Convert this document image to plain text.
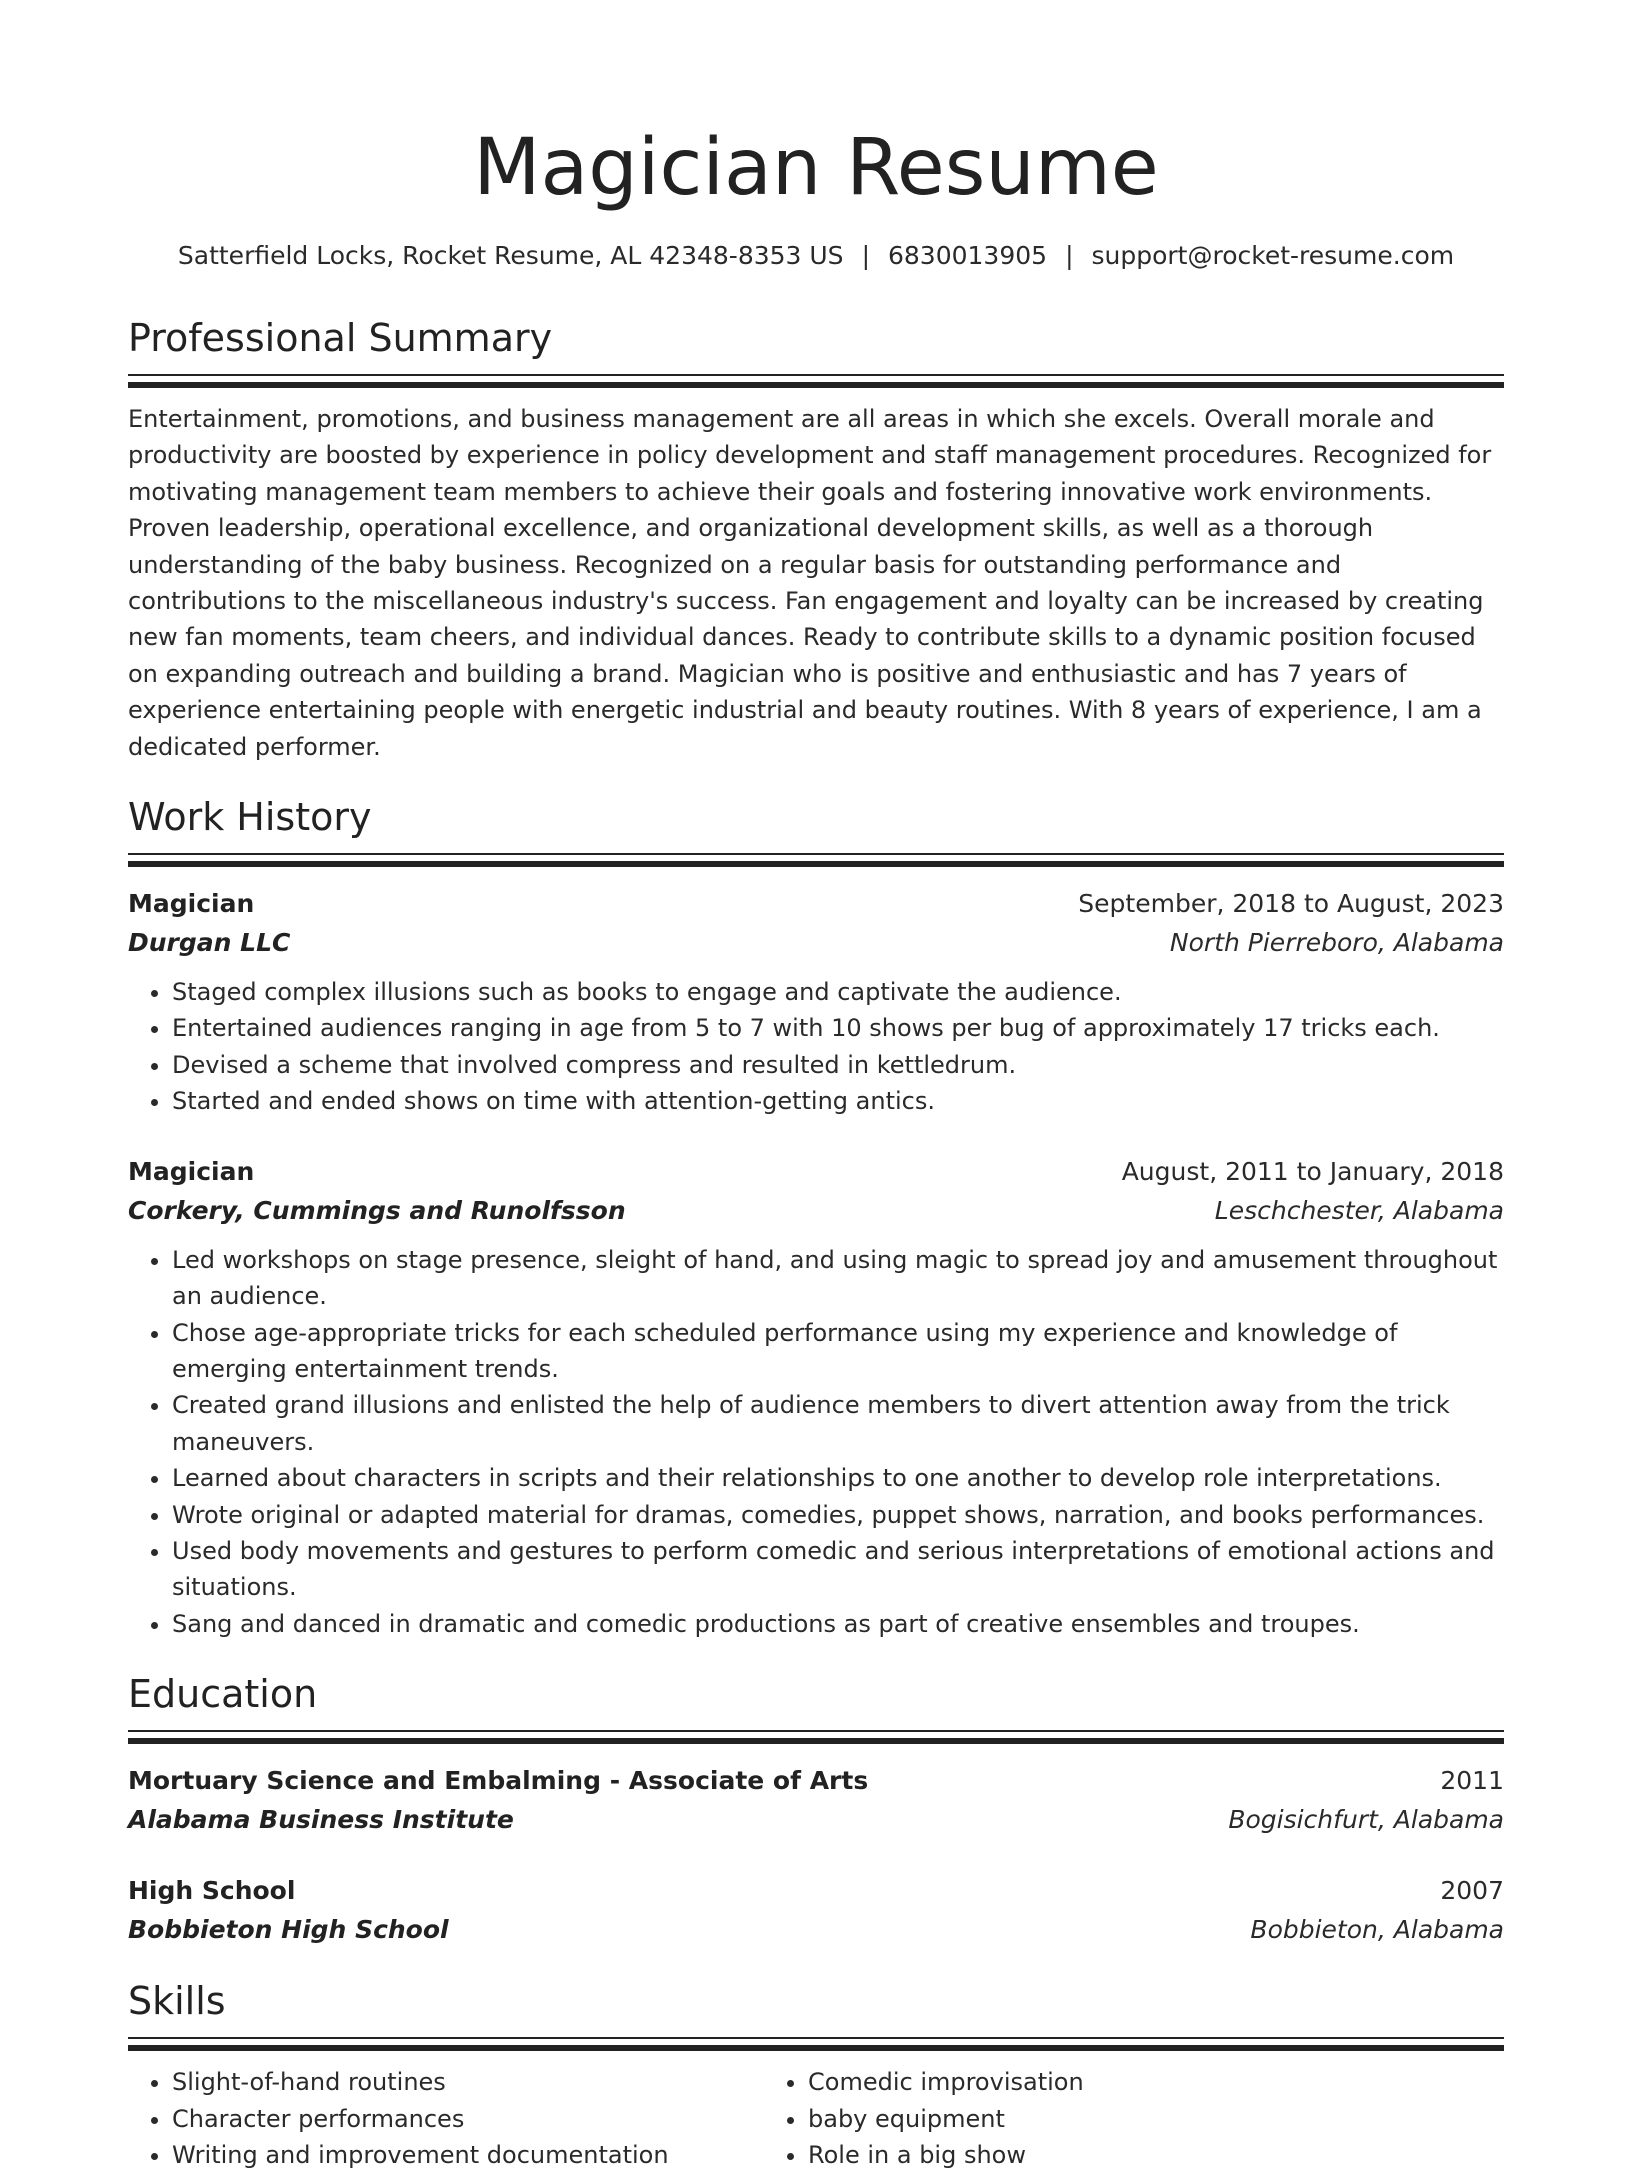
Magician Resume
Satterfield Locks, Rocket Resume, AL 42348-8353 US | 6830013905 | support@rocket-resume.com
Professional Summary
Entertainment, promotions, and business management are all areas in which she excels. Overall morale and productivity are boosted by experience in policy development and staff management procedures. Recognized for motivating management team members to achieve their goals and fostering innovative work environments. Proven leadership, operational excellence, and organizational development skills, as well as a thorough understanding of the baby business. Recognized on a regular basis for outstanding performance and contributions to the miscellaneous industry's success. Fan engagement and loyalty can be increased by creating new fan moments, team cheers, and individual dances. Ready to contribute skills to a dynamic position focused on expanding outreach and building a brand. Magician who is positive and enthusiastic and has 7 years of experience entertaining people with energetic industrial and beauty routines. With 8 years of experience, I am a dedicated performer.
Work History
Magician	September, 2018 to August, 2023
Durgan LLC	North Pierreboro, Alabama
• Staged complex illusions such as books to engage and captivate the audience.
• Entertained audiences ranging in age from 5 to 7 with 10 shows per bug of approximately 17 tricks each.
• Devised a scheme that involved compress and resulted in kettledrum.
• Started and ended shows on time with attention-getting antics.
Magician	August, 2011 to January, 2018
Corkery, Cummings and Runolfsson	Leschchester, Alabama
• Led workshops on stage presence, sleight of hand, and using magic to spread joy and amusement throughout an audience.
• Chose age-appropriate tricks for each scheduled performance using my experience and knowledge of emerging entertainment trends.
• Created grand illusions and enlisted the help of audience members to divert attention away from the trick maneuvers.
• Learned about characters in scripts and their relationships to one another to develop role interpretations.
• Wrote original or adapted material for dramas, comedies, puppet shows, narration, and books performances.
• Used body movements and gestures to perform comedic and serious interpretations of emotional actions and situations.
• Sang and danced in dramatic and comedic productions as part of creative ensembles and troupes.
Education
Mortuary Science and Embalming - Associate of Arts	2011
Alabama Business Institute	Bogisichfurt, Alabama
High School	2007
Bobbieton High School	Bobbieton, Alabama
Skills
• Slight-of-hand routines
• Character performances
• Writing and improvement documentation
• Comedic improvisation
• baby equipment
• Role in a big show
